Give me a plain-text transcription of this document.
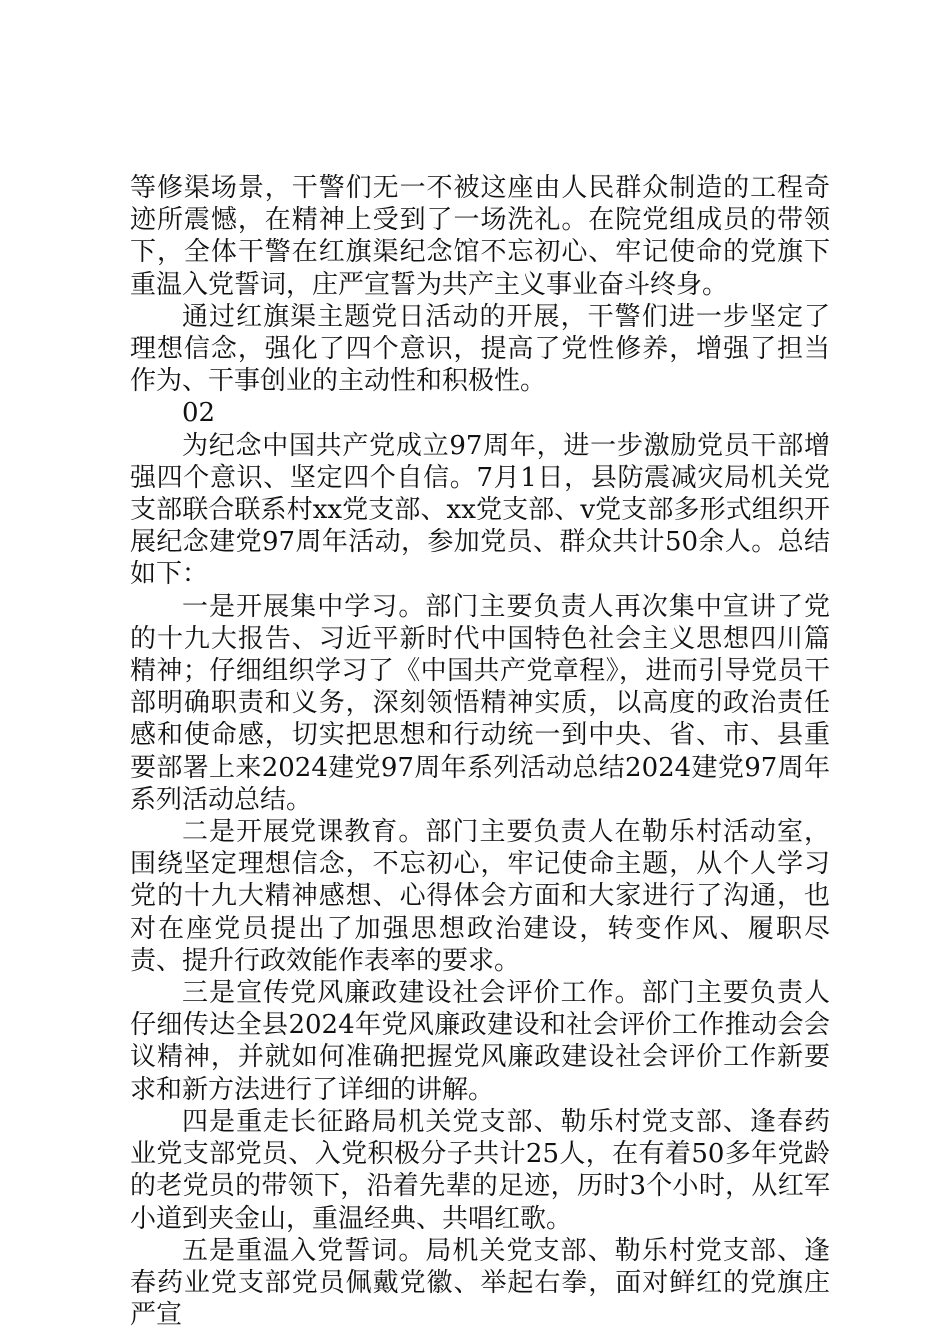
等修渠场景，干警们无一不被这座由人民群众制造的工程奇迹所震憾，在精神上受到了一场洗礼。在院党组成员的带领下，全体干警在红旗渠纪念馆不忘初心、牢记使命的党旗下重温入党誓词，庄严宣誓为共产主义事业奋斗终身。

通过红旗渠主题党日活动的开展，干警们进一步坚定了理想信念，强化了四个意识，提高了党性修养，增强了担当作为、干事创业的主动性和积极性。

02

为纪念中国共产党成立97周年，进一步激励党员干部增强四个意识、坚定四个自信。7月1日，县防震减灾局机关党支部联合联系村xx党支部、xx党支部、v党支部多形式组织开展纪念建党97周年活动，参加党员、群众共计50余人。总结如下：

一是开展集中学习。部门主要负责人再次集中宣讲了党的十九大报告、习近平新时代中国特色社会主义思想四川篇精神；仔细组织学习了《中国共产党章程》，进而引导党员干部明确职责和义务，深刻领悟精神实质，以高度的政治责任感和使命感，切实把思想和行动统一到中央、省、市、县重要部署上来2024建党97周年系列活动总结2024建党97周年系列活动总结。

二是开展党课教育。部门主要负责人在勒乐村活动室，围绕坚定理想信念，不忘初心，牢记使命主题，从个人学习党的十九大精神感想、心得体会方面和大家进行了沟通，也对在座党员提出了加强思想政治建设，转变作风、履职尽责、提升行政效能作表率的要求。

三是宣传党风廉政建设社会评价工作。部门主要负责人仔细传达全县2024年党风廉政建设和社会评价工作推动会会议精神，并就如何准确把握党风廉政建设社会评价工作新要求和新方法进行了详细的讲解。

四是重走长征路局机关党支部、勒乐村党支部、逢春药业党支部党员、入党积极分子共计25人，在有着50多年党龄的老党员的带领下，沿着先辈的足迹，历时3个小时，从红军小道到夹金山，重温经典、共唱红歌。

五是重温入党誓词。局机关党支部、勒乐村党支部、逢春药业党支部党员佩戴党徽、举起右拳，面对鲜红的党旗庄严宣
